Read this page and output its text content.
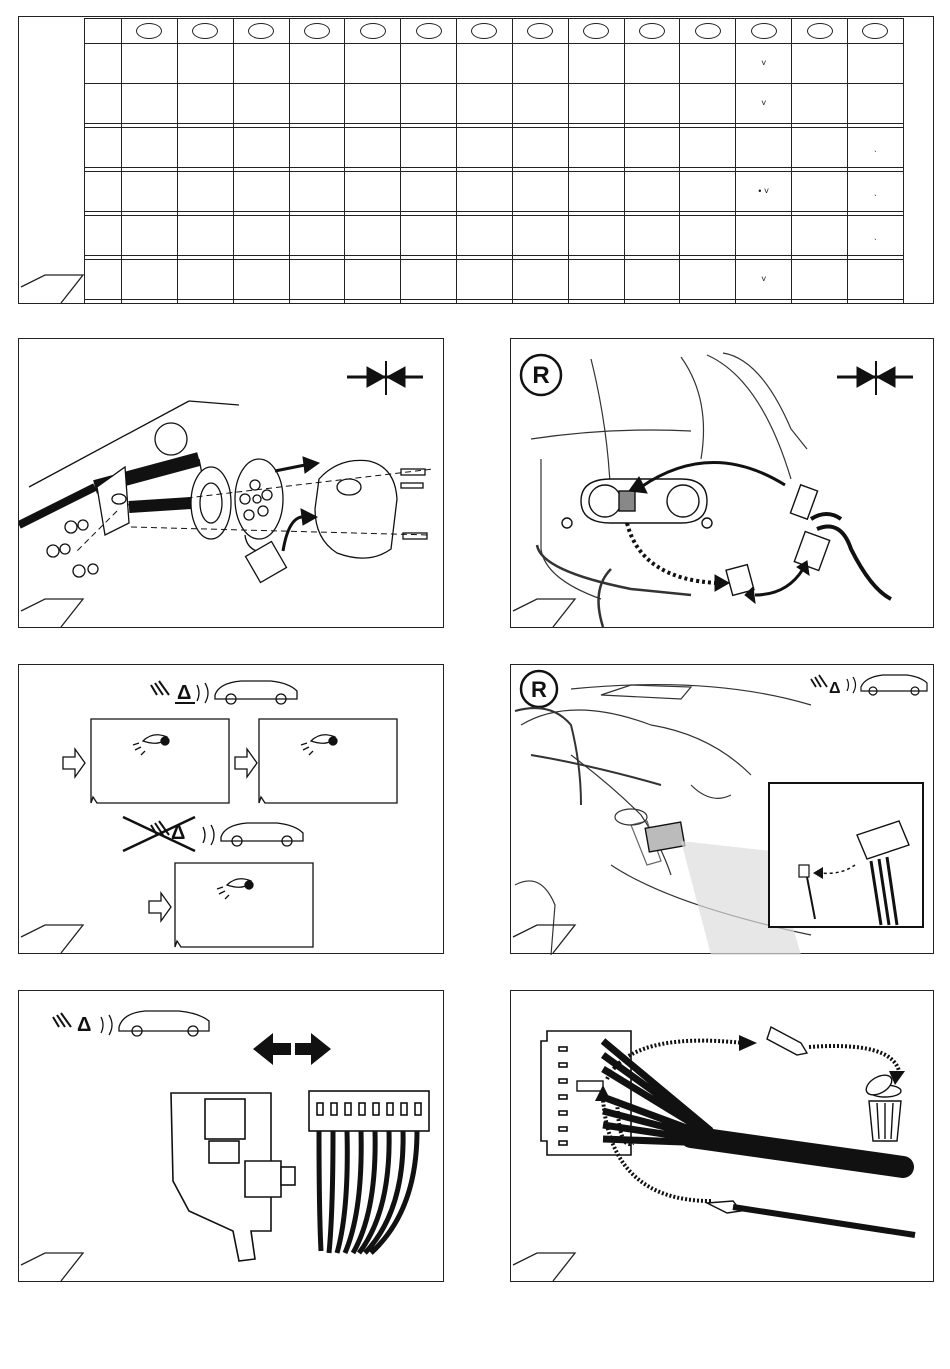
												˅		
												˅		

														ˎ

												• ˅		ˎ

														ˎ

												˅		

R
Δ
Δ
R	Δ
Δ
